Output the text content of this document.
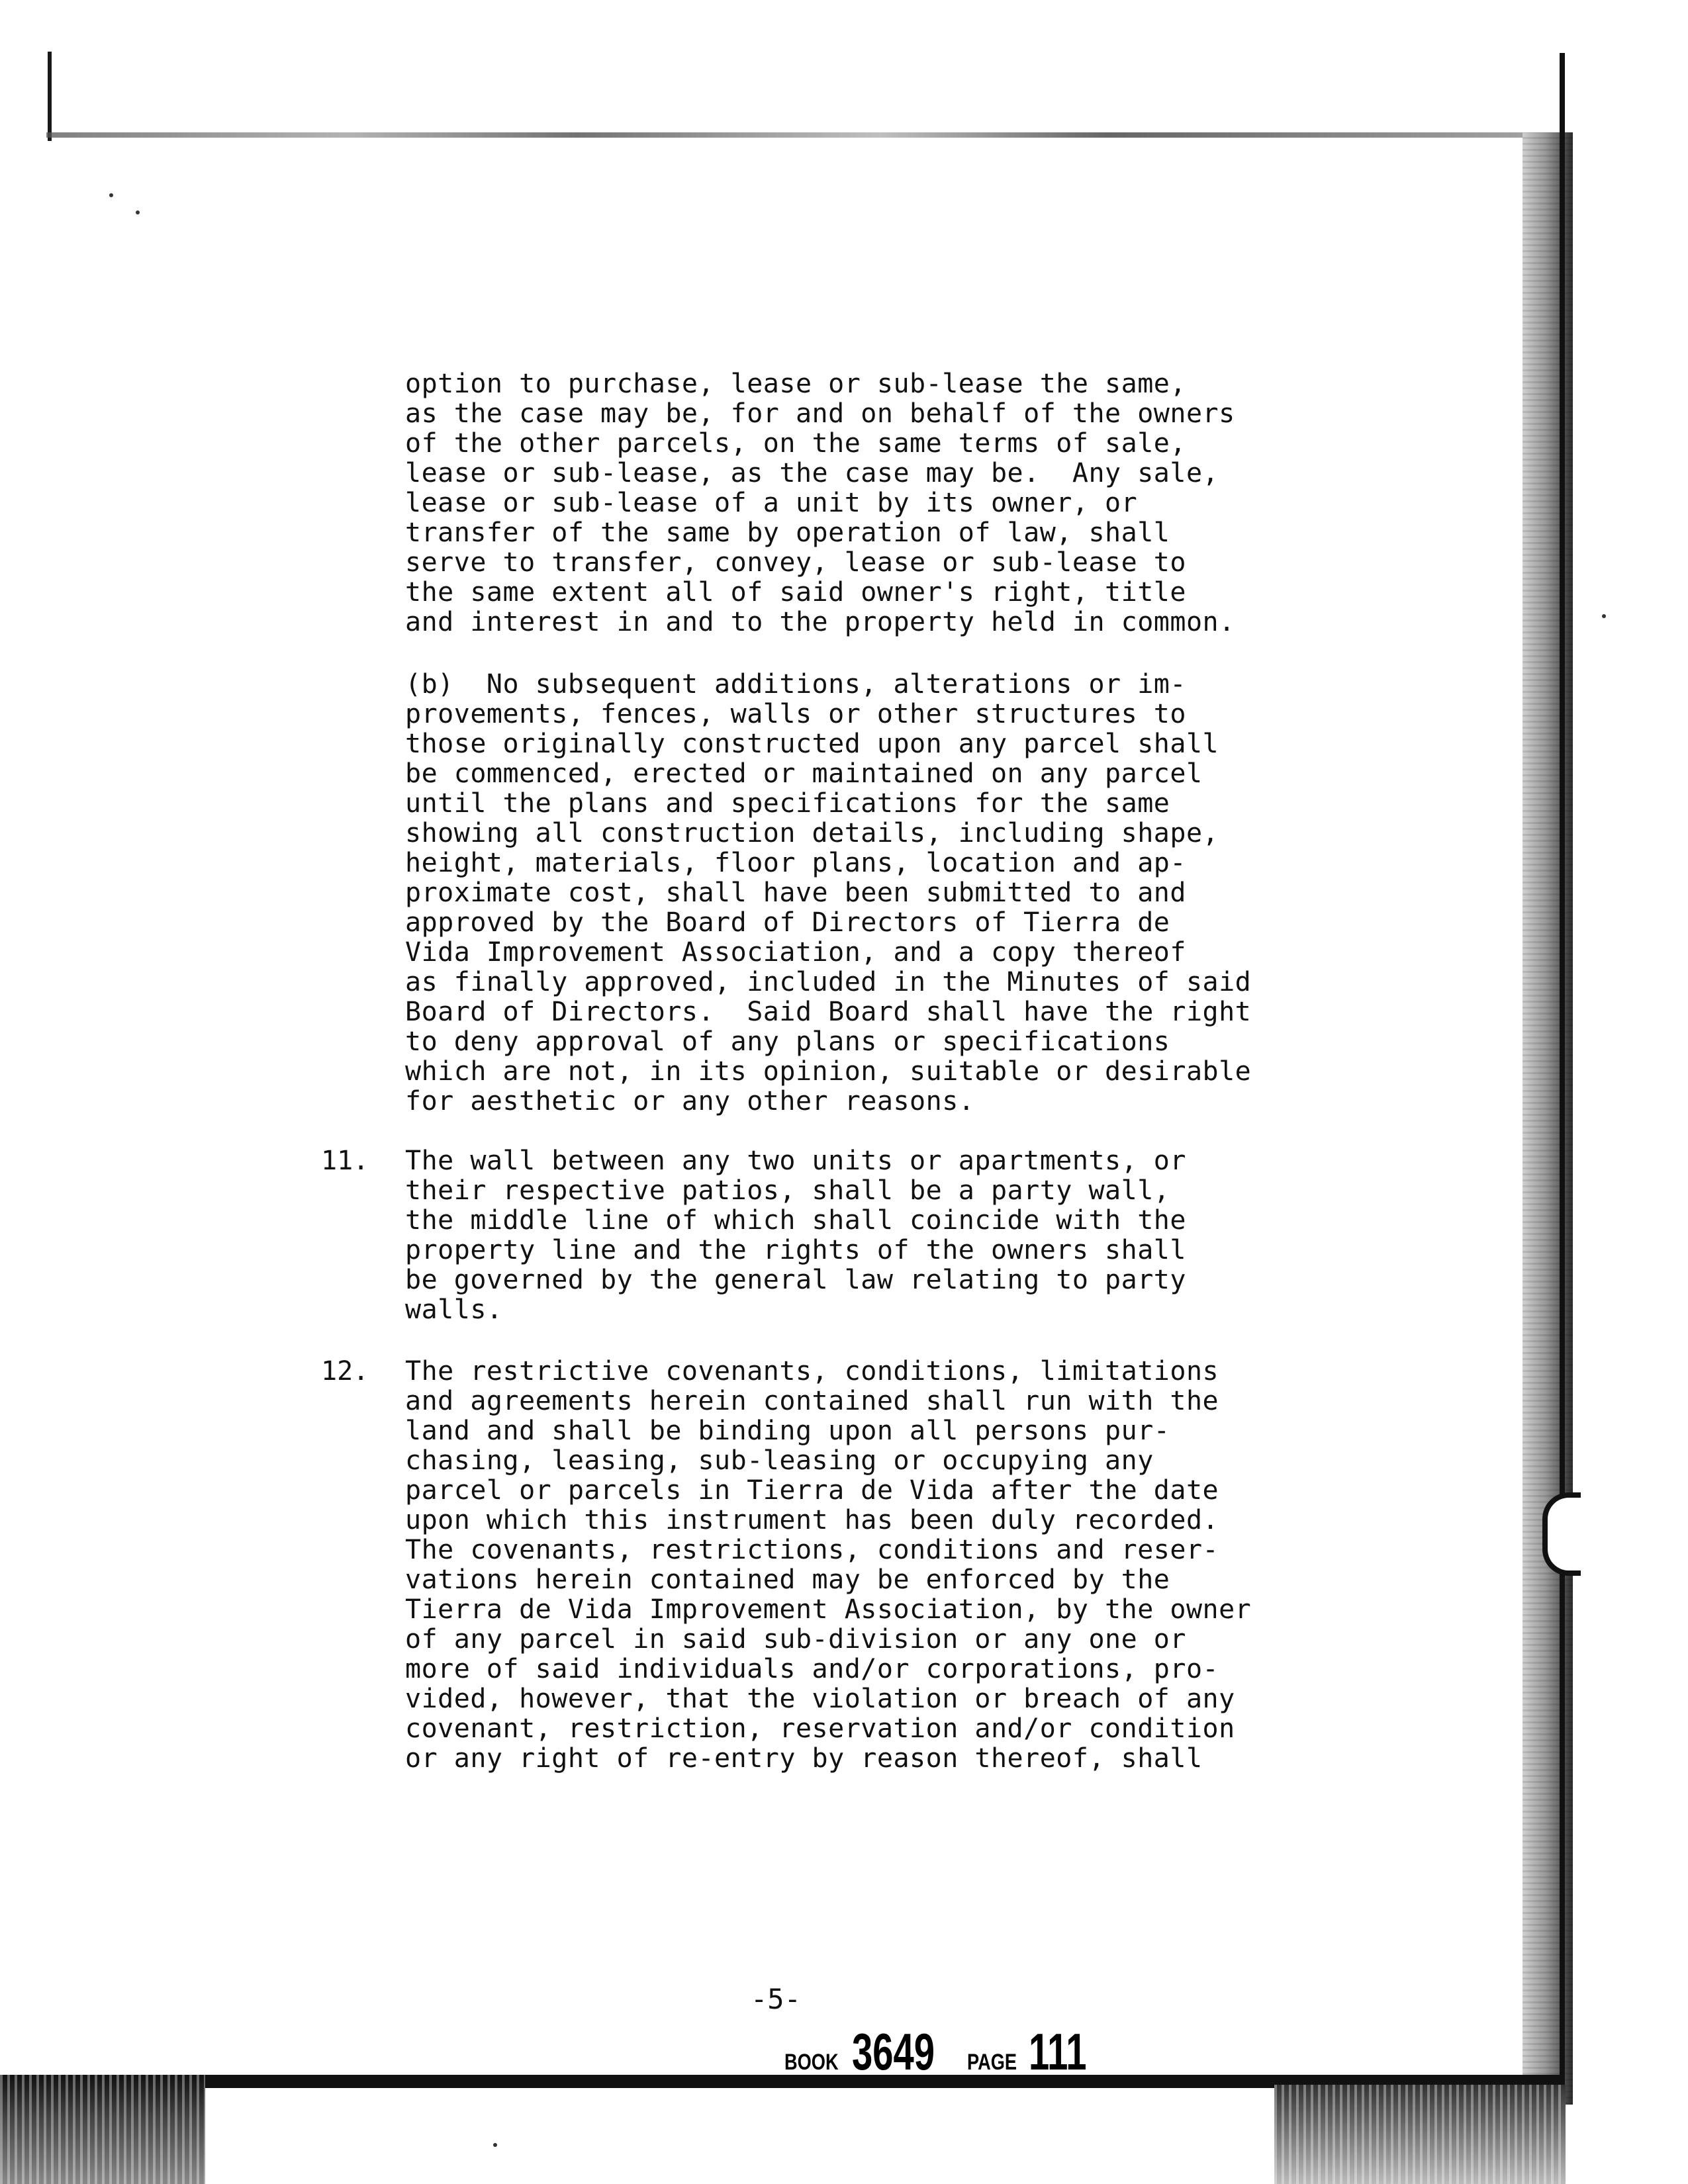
option to purchase, lease or sub-lease the same,
as the case may be, for and on behalf of the owners
of the other parcels, on the same terms of sale,
lease or sub-lease, as the case may be.  Any sale,
lease or sub-lease of a unit by its owner, or
transfer of the same by operation of law, shall
serve to transfer, convey, lease or sub-lease to
the same extent all of said owner's right, title
and interest in and to the property held in common.
(b)  No subsequent additions, alterations or im-
provements, fences, walls or other structures to
those originally constructed upon any parcel shall
be commenced, erected or maintained on any parcel
until the plans and specifications for the same
showing all construction details, including shape,
height, materials, floor plans, location and ap-
proximate cost, shall have been submitted to and
approved by the Board of Directors of Tierra de
Vida Improvement Association, and a copy thereof
as finally approved, included in the Minutes of said
Board of Directors.  Said Board shall have the right
to deny approval of any plans or specifications
which are not, in its opinion, suitable or desirable
for aesthetic or any other reasons.
11. The wall between any two units or apartments, or
their respective patios, shall be a party wall,
the middle line of which shall coincide with the
property line and the rights of the owners shall
be governed by the general law relating to party
walls.
12. The restrictive covenants, conditions, limitations
and agreements herein contained shall run with the
land and shall be binding upon all persons pur-
chasing, leasing, sub-leasing or occupying any
parcel or parcels in Tierra de Vida after the date
upon which this instrument has been duly recorded.
The covenants, restrictions, conditions and reser-
vations herein contained may be enforced by the
Tierra de Vida Improvement Association, by the owner
of any parcel in said sub-division or any one or
more of said individuals and/or corporations, pro-
vided, however, that the violation or breach of any
covenant, restriction, reservation and/or condition
or any right of re-entry by reason thereof, shall
-5-
BOOK 3649 PAGE 111
